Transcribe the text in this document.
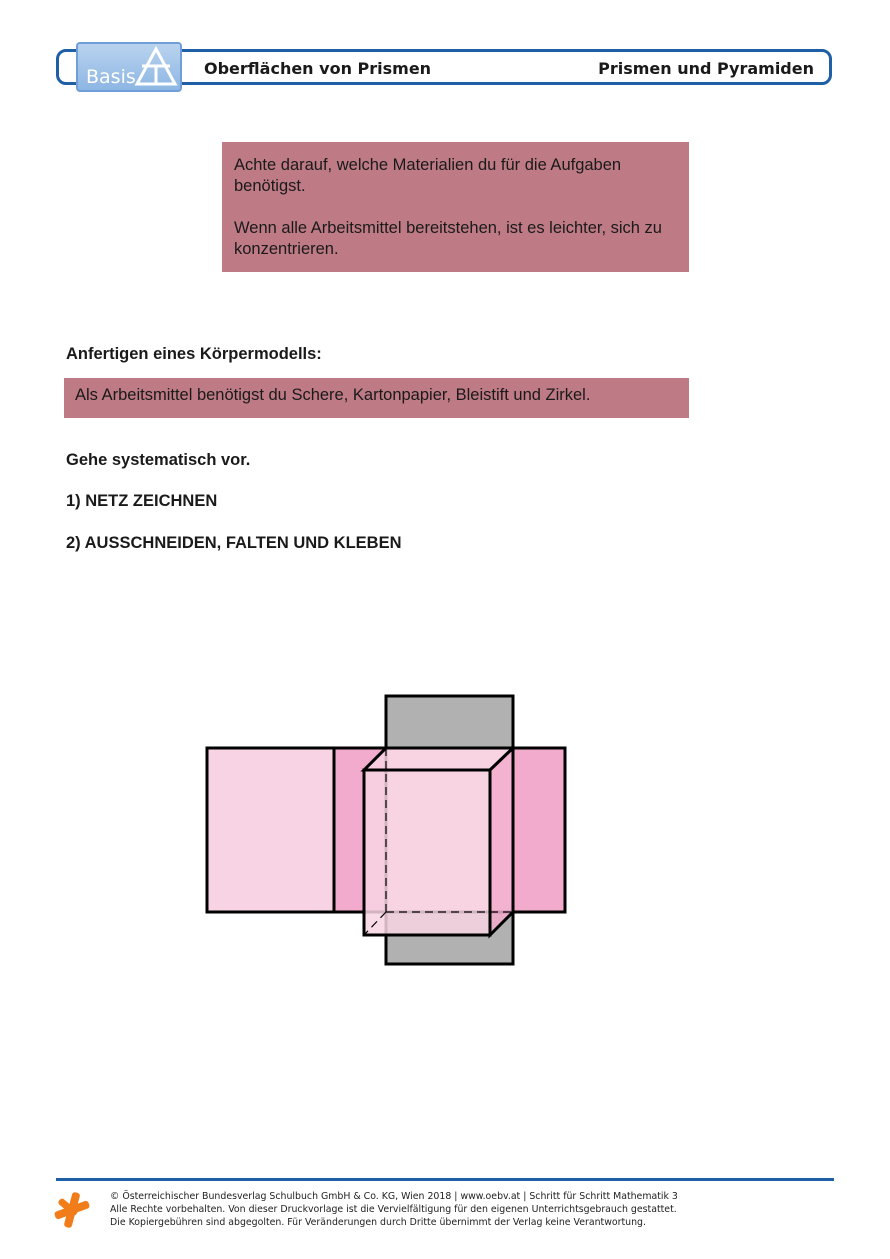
Basis	Oberflächen von Prismen	Prismen und Pyramiden

Achte darauf, welche Materialien du für die Aufgaben benötigst.

Wenn alle Arbeitsmittel bereitstehen, ist es leichter, sich zu konzentrieren.

Anfertigen eines Körpermodells:
Als Arbeitsmittel benötigst du Schere, Kartonpapier, Bleistift und Zirkel.
Gehe systematisch vor.
1) NETZ ZEICHNEN
2) AUSSCHNEIDEN, FALTEN UND KLEBEN
© Österreichischer Bundesverlag Schulbuch GmbH & Co. KG, Wien 2018 | www.oebv.at | Schritt für Schritt Mathematik 3
Alle Rechte vorbehalten. Von dieser Druckvorlage ist die Vervielfältigung für den eigenen Unterrichtsgebrauch gestattet.
Die Kopiergebühren sind abgegolten. Für Veränderungen durch Dritte übernimmt der Verlag keine Verantwortung.
